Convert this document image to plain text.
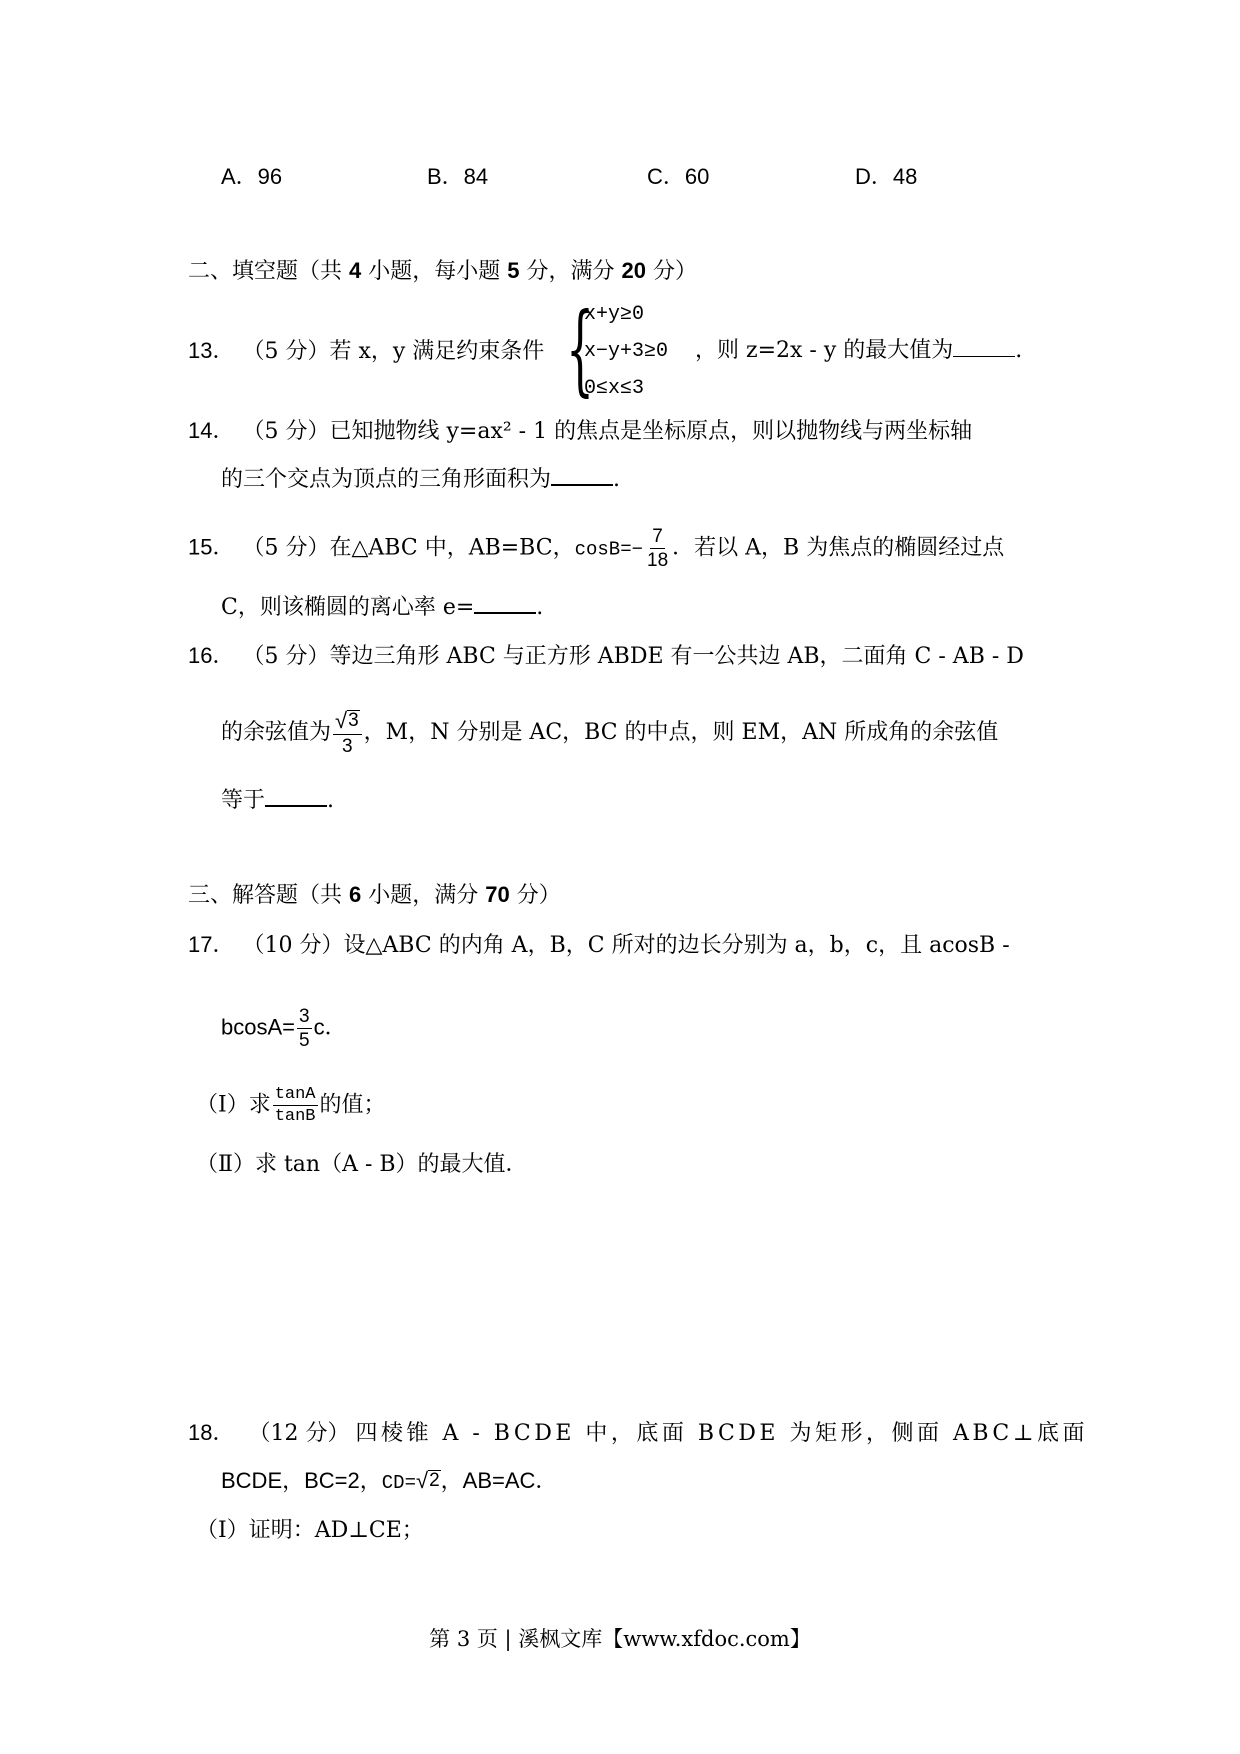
A．96	B．84	C．60	D．48
二、填空题（共 4 小题，每小题 5 分，满分 20 分）
13． （5 分）若 x，y 满足约束条件 {
x+y≥0
x−y+3≥0
0≤x≤3
，则 z=2x ‐ y 的最大值为	.
14． （5 分）已知抛物线 y=ax² ‐ 1 的焦点是坐标原点，则以抛物线与两坐标轴
的三个交点为顶点的三角形面积为	.
15． （5 分）在△ABC 中，AB=BC，$\cos B=- \frac{7}{18}$ ．若以 A，B 为焦点的椭圆经过点
C，则该椭圆的离心率 e=	.
16． （5 分）等边三角形 ABC 与正方形 ABDE 有一公共边 AB，二面角 C ‐ AB ‐ D
的余弦值为 $\frac{√ 3}{3}$ ，M，N 分别是 AC，BC 的中点，则 EM，AN 所成角的余弦值
等于	.
三、解答题（共 6 小题，满分 70 分）
17． （10 分）设△ABC 的内角 A，B，C 所对的边长分别为 a，b，c，且 acosB ‐
$bcosA= \frac{3}{5}$ c．
（Ⅰ）求 $\frac{\tan A}{\tan B}$ 的值；
（Ⅱ）求 tan（A ‐ B）的最大值．
18． （12 分） 四棱锥 A ‐ BCDE 中，底面 BCDE 为矩形，侧面 ABC⊥底面
BCDE，BC=2，CD= √ 2 ，AB=AC．
（Ⅰ）证明：AD⊥CE；
第 3 页 | 溪枫文库【www.xfdoc.com】
